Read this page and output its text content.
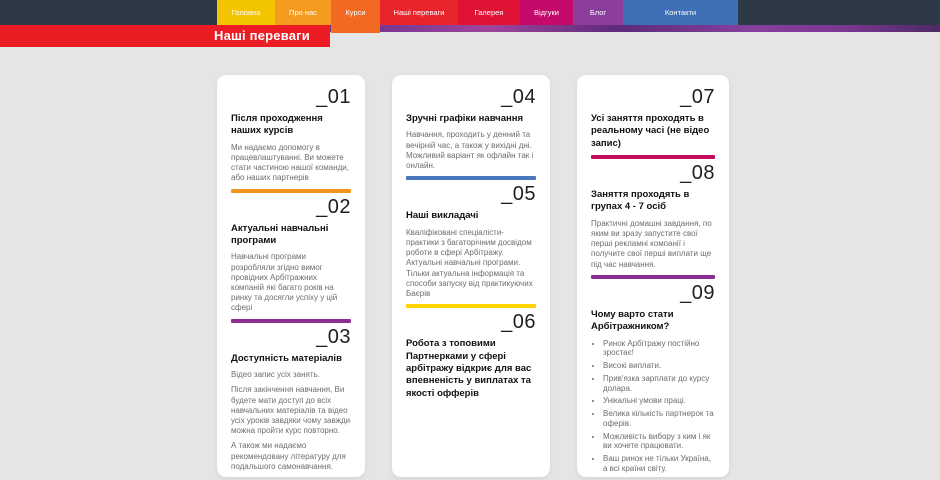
Головна	Про нас	Курси	Наші переваги	Галерея	Відгуки	Блог	Контакти
Наші переваги
_01
Після проходження наших курсів

Ми надаємо допомогу в працевлаштуванні. Ви можете стати частиною нашої команди, або наших партнерів

_02
Актуальні навчальні програми

Навчальні програми розробляли згідно вимог провідних Арбітражних компаній які багато років на ринку та досягли успіху у цій сфері

_03
Доступність матеріалів

Відео запис усіх занять.

Після закінчення навчання, Ви будете мати доступ до всіх навчальних матеріалів та відео усіх уроків завдяки чому завжди можна пройти курс повторно.

А також ми надаємо рекомендовану літературу для подальшого самонавчання.

_04
Зручні графіки навчання

Навчання, проходить у денний та вечірній час, а також у вихідні дні. Можливий варіант як офлайн так і онлайн.

_05
Наші викладачі

Кваліфіковані спеціалісти-практики з багаторічним досвідом роботи в сфері Арбітражу. Актуальні навчальні програми. Тільки актуальна інформація та способи запуску від практикуючих Баєрів

_06
Робота з топовими Партнерками у сфері арбітражу відкриє для вас впевненість у виплатах та якості офферів
_07
Усі заняття проходять в реальному часі (не відео запис)
_08
Заняття проходять в групах 4 - 7 осіб

Практичні домашні завдання, по яким ви зразу запустите свої перші рекламні компанії і получите свої перші виплати ще під час навчання.

_09
Чому варто стати Арбітражником?
• Ринок Арбітражу постійно зростає!
• Високі виплати.
• Прив'язка зарплати до курсу долара.
• Унікальні умови праці.
• Велика кількість партнерок та оферів.
• Можливість вибору з ким і як ви хочете працювати.
• Ваш ринок не тільки Україна, а всі країни світу.
